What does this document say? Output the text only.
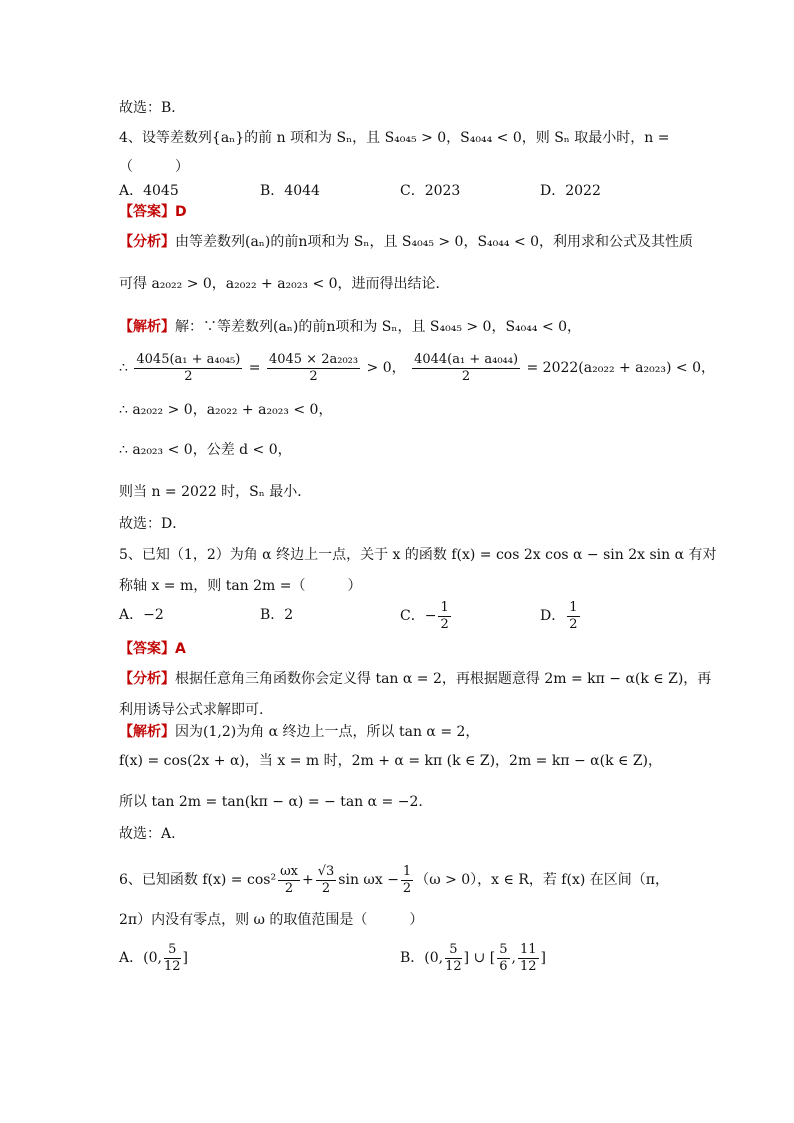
故选：B．
4、设等差数列{aₙ}的前 n 项和为 Sₙ，且 S₄₀₄₅ > 0，S₄₀₄₄ < 0，则 Sₙ 取最小时，n =
（　　　）
A．4045	B．4044	C．2023	D．2022
【答案】D
【分析】由等差数列(aₙ)的前n项和为 Sₙ，且 S₄₀₄₅ > 0，S₄₀₄₄ < 0，利用求和公式及其性质
可得 a₂₀₂₂ > 0，a₂₀₂₂ + a₂₀₂₃ < 0，进而得出结论．
【解析】解：∵等差数列(aₙ)的前n项和为 Sₙ，且 S₄₀₄₅ > 0，S₄₀₄₄ < 0，
∴ $\frac{\text{4045(a₁ + a₄₀₄₅)}}{2} = \frac{\text{4045 × 2a₂₀₂₃}}{2} > 0$， $\frac{\text{4044(a₁ + a₄₀₄₄)}}{2} = 2022(a_{2022} + a_{2023}) < 0$，
∴ a₂₀₂₂ > 0，a₂₀₂₂ + a₂₀₂₃ < 0，
∴ a₂₀₂₃ < 0，公差 d < 0，
则当 n = 2022 时，Sₙ 最小．
故选：D．
5、已知（1，2）为角 α 终边上一点，关于 x 的函数 f(x) = cos 2x cos α − sin 2x sin α 有对
称轴 x = m，则 tan 2m =（　　　）
A．−2	B．2	C．− $\frac{1}{2}$	D． $\frac{1}{2}$
【答案】A
【分析】根据任意角三角函数你会定义得 tan α = 2，再根据题意得 2m = kπ − α(k ∈ Z)，再
利用诱导公式求解即可.
【解析】因为(1,2)为角 α 终边上一点，所以 tan α = 2，
f(x) = cos(2x + α)，当 x = m 时，2m + α = kπ (k ∈ Z)，2m = kπ − α(k ∈ Z)，
所以 tan 2m = tan(kπ − α) = − tan α = −2.
故选：A.
6、已知函数 $f(x) = \cos^2 \frac{\omega x}{2} + \frac{√3}{2}$ $\sin \omega x - \frac{1}{2} (\omega > 0)$，x ∈ R，若 f(x) 在区间（π，
2π）内没有零点，则 ω 的取值范围是（　　　）
A．(0, $\frac{5}{12}$ ]	B．(0, $\frac{5}{12}$ ] ∪ [ $\frac{5}{6}$ , $\frac{11}{12}$ ]
